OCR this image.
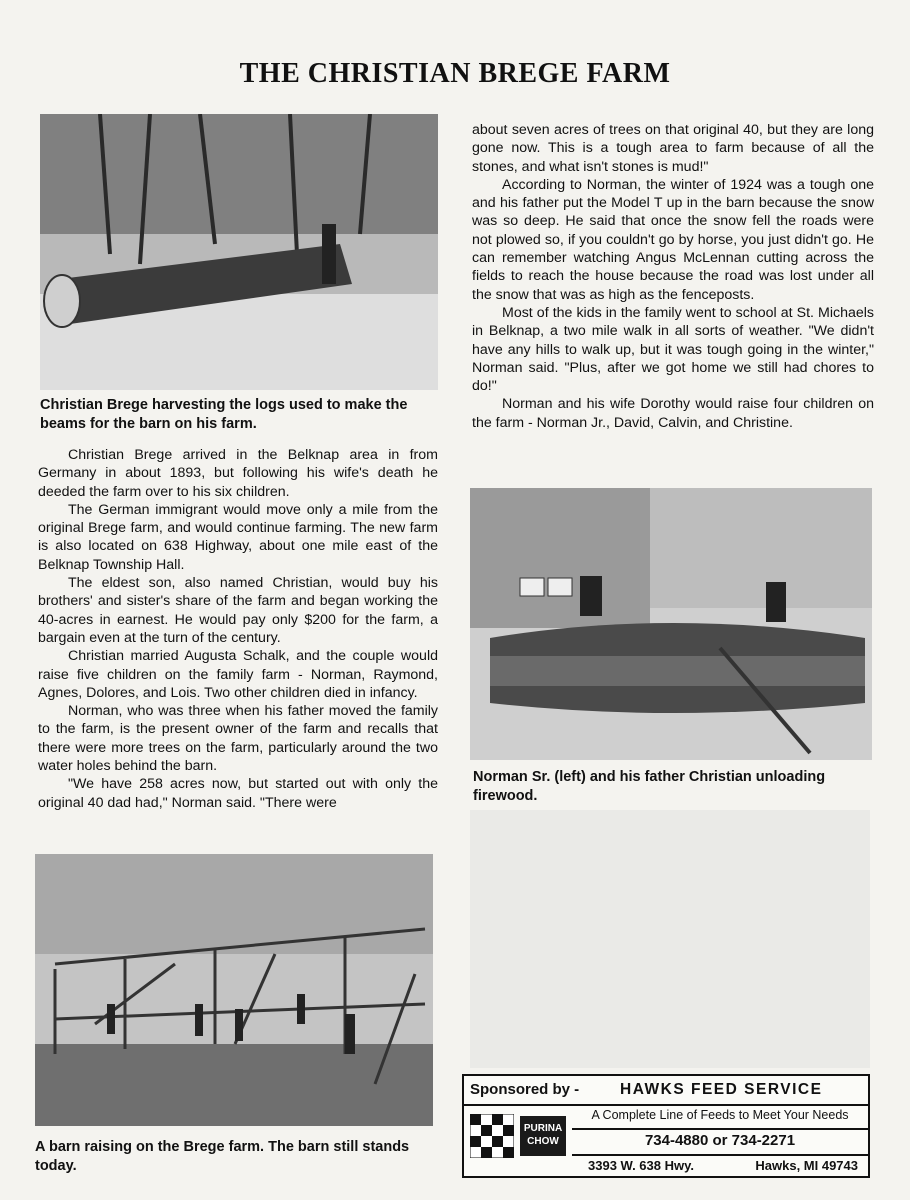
THE CHRISTIAN BREGE FARM
Christian Brege harvesting the logs used to make the beams for the barn on his farm.

Christian Brege arrived in the Belknap area in from Germany in about 1893, but following his wife's death he deeded the farm over to his six children.

The German immigrant would move only a mile from the original Brege farm, and would continue farming. The new farm is also located on 638 Highway, about one mile east of the Belknap Township Hall.

The eldest son, also named Christian, would buy his brothers' and sister's share of the farm and began working the 40-acres in earnest. He would pay only $200 for the farm, a bargain even at the turn of the century.

Christian married Augusta Schalk, and the couple would raise five children on the family farm - Norman, Raymond, Agnes, Dolores, and Lois. Two other children died in infancy.

Norman, who was three when his father moved the family to the farm, is the present owner of the farm and recalls that there were more trees on the farm, particularly around the two water holes behind the barn.

"We have 258 acres now, but started out with only the original 40 dad had," Norman said. "There were

A barn raising on the Brege farm. The barn still stands today.

about seven acres of trees on that original 40, but they are long gone now. This is a tough area to farm because of all the stones, and what isn't stones is mud!"

According to Norman, the winter of 1924 was a tough one and his father put the Model T up in the barn because the snow was so deep. He said that once the snow fell the roads were not plowed so, if you couldn't go by horse, you just didn't go. He can remember watching Angus McLennan cutting across the fields to reach the house because the road was lost under all the snow that was as high as the fenceposts.

Most of the kids in the family went to school at St. Michaels in Belknap, a two mile walk in all sorts of weather. "We didn't have any hills to walk up, but it was tough going in the winter," Norman said. "Plus, after we got home we still had chores to do!"

Norman and his wife Dorothy would raise four children on the farm - Norman Jr., David, Calvin, and Christine.

Norman Sr. (left) and his father Christian unloading firewood.
Sponsored by -	HAWKS FEED SERVICE
PURINA
CHOW
A Complete Line of Feeds to Meet Your Needs
734-4880 or 734-2271
3393 W. 638 Hwy.	Hawks, MI 49743
